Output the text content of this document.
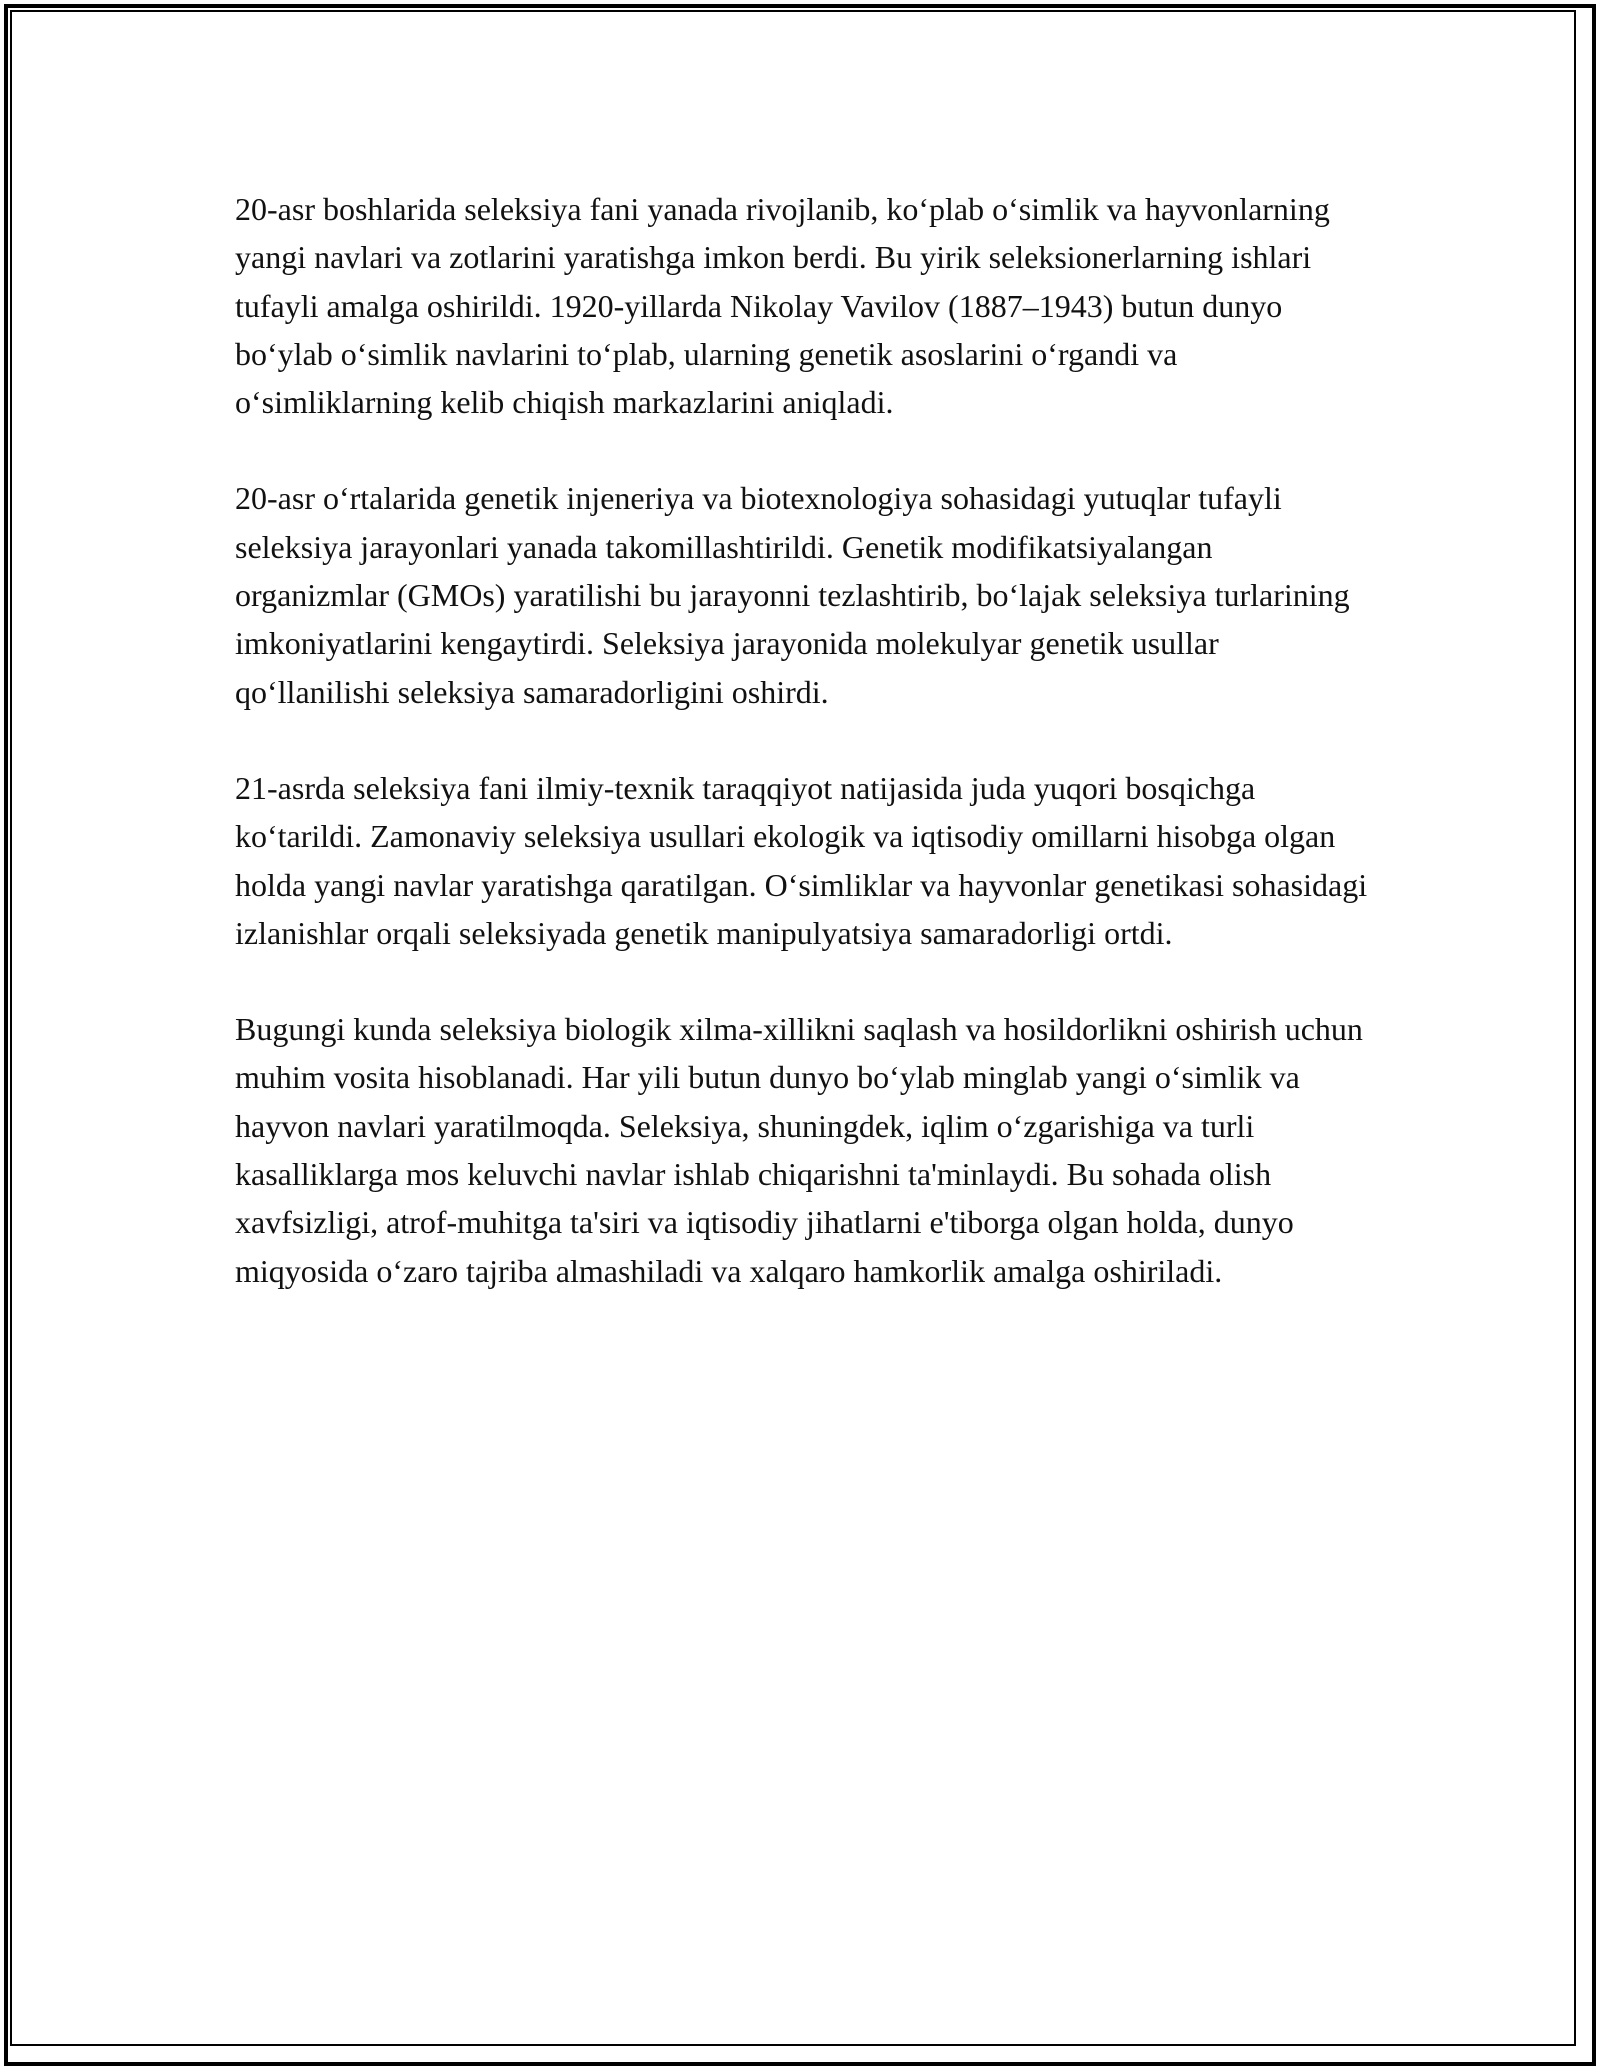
20-asr boshlarida seleksiya fani yanada rivojlanib, ko‘plab o‘simlik va hayvonlarning yangi navlari va zotlarini yaratishga imkon berdi. Bu yirik seleksionerlarning ishlari tufayli amalga oshirildi. 1920-yillarda Nikolay Vavilov (1887–1943) butun dunyo bo‘ylab o‘simlik navlarini to‘plab, ularning genetik asoslarini o‘rgandi va o‘simliklarning kelib chiqish markazlarini aniqladi.

20-asr o‘rtalarida genetik injeneriya va biotexnologiya sohasidagi yutuqlar tufayli seleksiya jarayonlari yanada takomillashtirildi. Genetik modifikatsiyalangan organizmlar (GMOs) yaratilishi bu jarayonni tezlashtirib, bo‘lajak seleksiya turlarining imkoniyatlarini kengaytirdi. Seleksiya jarayonida molekulyar genetik usullar qo‘llanilishi seleksiya samaradorligini oshirdi.

21-asrda seleksiya fani ilmiy-texnik taraqqiyot natijasida juda yuqori bosqichga ko‘tarildi. Zamonaviy seleksiya usullari ekologik va iqtisodiy omillarni hisobga olgan holda yangi navlar yaratishga qaratilgan. O‘simliklar va hayvonlar genetikasi sohasidagi izlanishlar orqali seleksiyada genetik manipulyatsiya samaradorligi ortdi.

Bugungi kunda seleksiya biologik xilma-xillikni saqlash va hosildorlikni oshirish uchun muhim vosita hisoblanadi. Har yili butun dunyo bo‘ylab minglab yangi o‘simlik va hayvon navlari yaratilmoqda. Seleksiya, shuningdek, iqlim o‘zgarishiga va turli kasalliklarga mos keluvchi navlar ishlab chiqarishni ta'minlaydi. Bu sohada olish xavfsizligi, atrof-muhitga ta'siri va iqtisodiy jihatlarni e'tiborga olgan holda, dunyo miqyosida o‘zaro tajriba almashiladi va xalqaro hamkorlik amalga oshiriladi.
